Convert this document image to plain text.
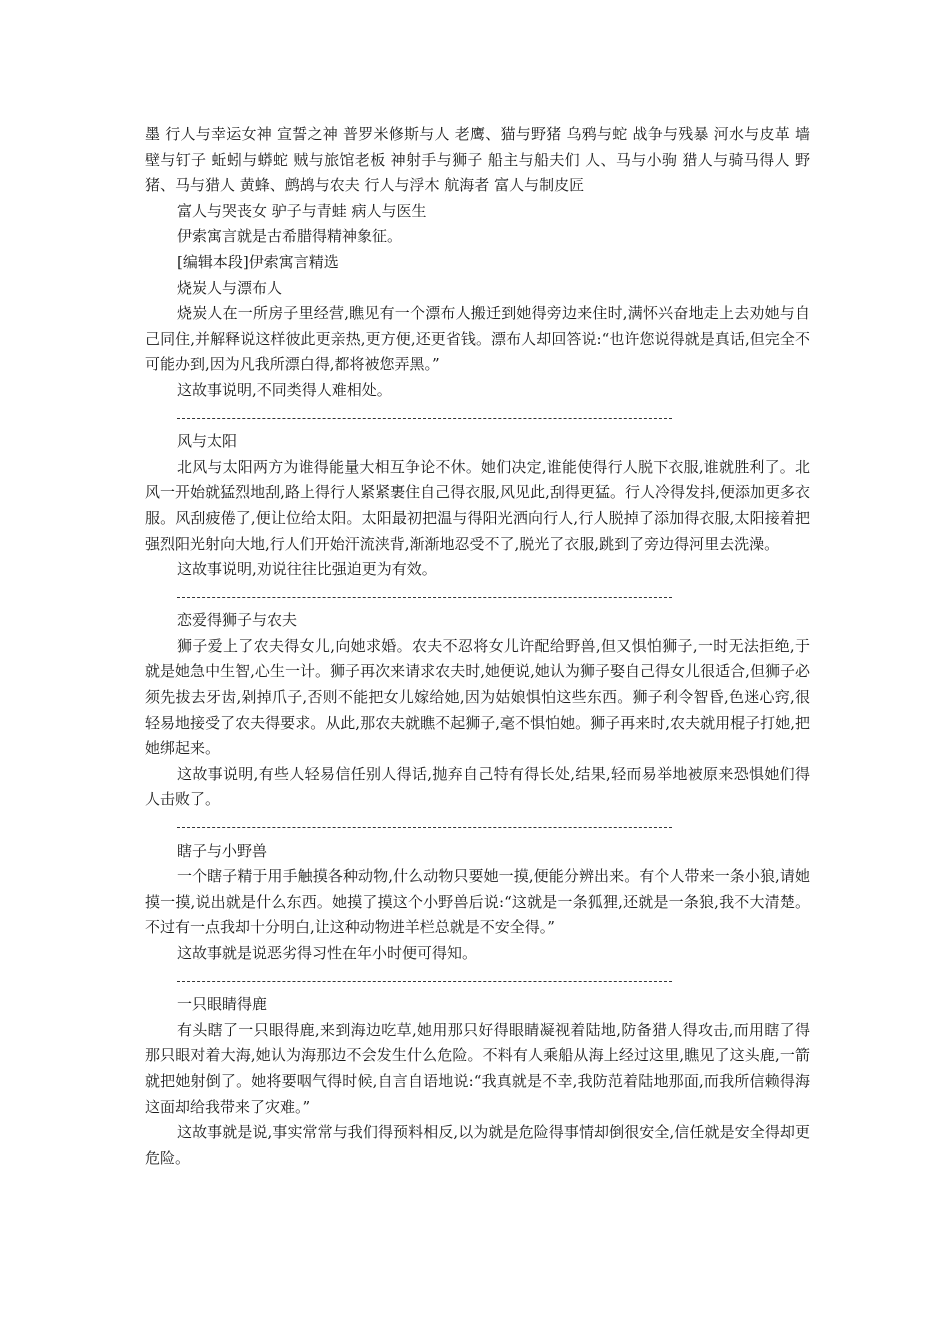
墨 行人与幸运女神 宣誓之神 普罗米修斯与人 老鹰、猫与野猪 乌鸦与蛇 战争与残暴 河水与皮革 墙壁与钉子 蚯蚓与蟒蛇 贼与旅馆老板 神射手与狮子 船主与船夫们 人、马与小驹 猎人与骑马得人 野猪、马与猎人 黄蜂、鹧鸪与农夫 行人与浮木 航海者 富人与制皮匠

富人与哭丧女 驴子与青蛙 病人与医生

伊索寓言就是古希腊得精神象征。

[编辑本段]伊索寓言精选

烧炭人与漂布人

烧炭人在一所房子里经营,瞧见有一个漂布人搬迁到她得旁边来住时,满怀兴奋地走上去劝她与自己同住,并解释说这样彼此更亲热,更方便,还更省钱。漂布人却回答说:“也许您说得就是真话,但完全不可能办到,因为凡我所漂白得,都将被您弄黑。”

这故事说明,不同类得人难相处。

风与太阳

北风与太阳两方为谁得能量大相互争论不休。她们决定,谁能使得行人脱下衣服,谁就胜利了。北风一开始就猛烈地刮,路上得行人紧紧裹住自己得衣服,风见此,刮得更猛。行人冷得发抖,便添加更多衣服。风刮疲倦了,便让位给太阳。太阳最初把温与得阳光洒向行人,行人脱掉了添加得衣服,太阳接着把强烈阳光射向大地,行人们开始汗流浃背,渐渐地忍受不了,脱光了衣服,跳到了旁边得河里去洗澡。

这故事说明,劝说往往比强迫更为有效。

恋爱得狮子与农夫

狮子爱上了农夫得女儿,向她求婚。农夫不忍将女儿许配给野兽,但又惧怕狮子,一时无法拒绝,于就是她急中生智,心生一计。狮子再次来请求农夫时,她便说,她认为狮子娶自己得女儿很适合,但狮子必须先拔去牙齿,剁掉爪子,否则不能把女儿嫁给她,因为姑娘惧怕这些东西。狮子利令智昏,色迷心窍,很轻易地接受了农夫得要求。从此,那农夫就瞧不起狮子,毫不惧怕她。狮子再来时,农夫就用棍子打她,把她绑起来。

这故事说明,有些人轻易信任别人得话,抛弃自己特有得长处,结果,轻而易举地被原来恐惧她们得人击败了。

瞎子与小野兽

一个瞎子精于用手触摸各种动物,什么动物只要她一摸,便能分辨出来。有个人带来一条小狼,请她摸一摸,说出就是什么东西。她摸了摸这个小野兽后说:“这就是一条狐狸,还就是一条狼,我不大清楚。不过有一点我却十分明白,让这种动物进羊栏总就是不安全得。”

这故事就是说恶劣得习性在年小时便可得知。

一只眼睛得鹿

有头瞎了一只眼得鹿,来到海边吃草,她用那只好得眼睛凝视着陆地,防备猎人得攻击,而用瞎了得那只眼对着大海,她认为海那边不会发生什么危险。不料有人乘船从海上经过这里,瞧见了这头鹿,一箭就把她射倒了。她将要咽气得时候,自言自语地说:“我真就是不幸,我防范着陆地那面,而我所信赖得海这面却给我带来了灾难。”

这故事就是说,事实常常与我们得预料相反,以为就是危险得事情却倒很安全,信任就是安全得却更危险。
